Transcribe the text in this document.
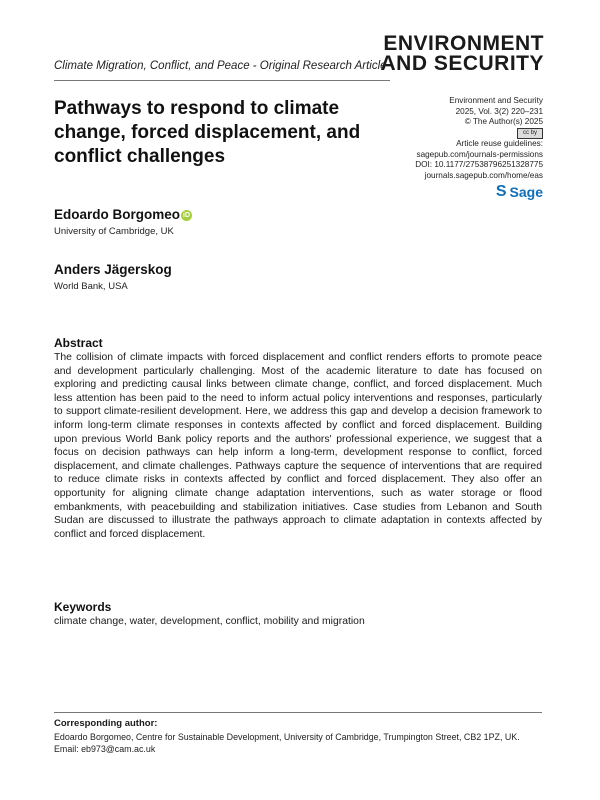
ENVIRONMENT
AND SECURITY
Climate Migration, Conflict, and Peace - Original Research Article
Pathways to respond to climate change, forced displacement, and conflict challenges
Environment and Security
2025, Vol. 3(2) 220–231
© The Author(s) 2025
cc by
Article reuse guidelines:
sagepub.com/journals-permissions
DOI: 10.1177/27538796251328775
journals.sagepub.com/home/eas
S Sage
Edoardo Borgomeo iD
University of Cambridge, UK
Anders Jägerskog
World Bank, USA
Abstract
The collision of climate impacts with forced displacement and conflict renders efforts to promote peace and development particularly challenging. Most of the academic literature to date has focused on exploring and predicting causal links between climate change, conflict, and forced displacement. Much less attention has been paid to the need to inform actual policy interventions and responses, particularly to support climate-resilient development. Here, we address this gap and develop a decision framework to inform long-term climate responses in contexts affected by conflict and forced displacement. Building upon previous World Bank policy reports and the authors' professional experience, we suggest that a focus on decision pathways can help inform a long-term, development response to conflict, forced displacement, and climate challenges. Pathways capture the sequence of interventions that are required to reduce climate risks in contexts affected by conflict and forced displacement. They also offer an opportunity for aligning climate change adaptation interventions, such as water storage or flood embankments, with peacebuilding and stabilization initiatives. Case studies from Lebanon and South Sudan are discussed to illustrate the pathways approach to climate adaptation in contexts affected by conflict and forced displacement.
Keywords
climate change, water, development, conflict, mobility and migration
Corresponding author:
Edoardo Borgomeo, Centre for Sustainable Development, University of Cambridge, Trumpington Street, CB2 1PZ, UK.
Email: eb973@cam.ac.uk
